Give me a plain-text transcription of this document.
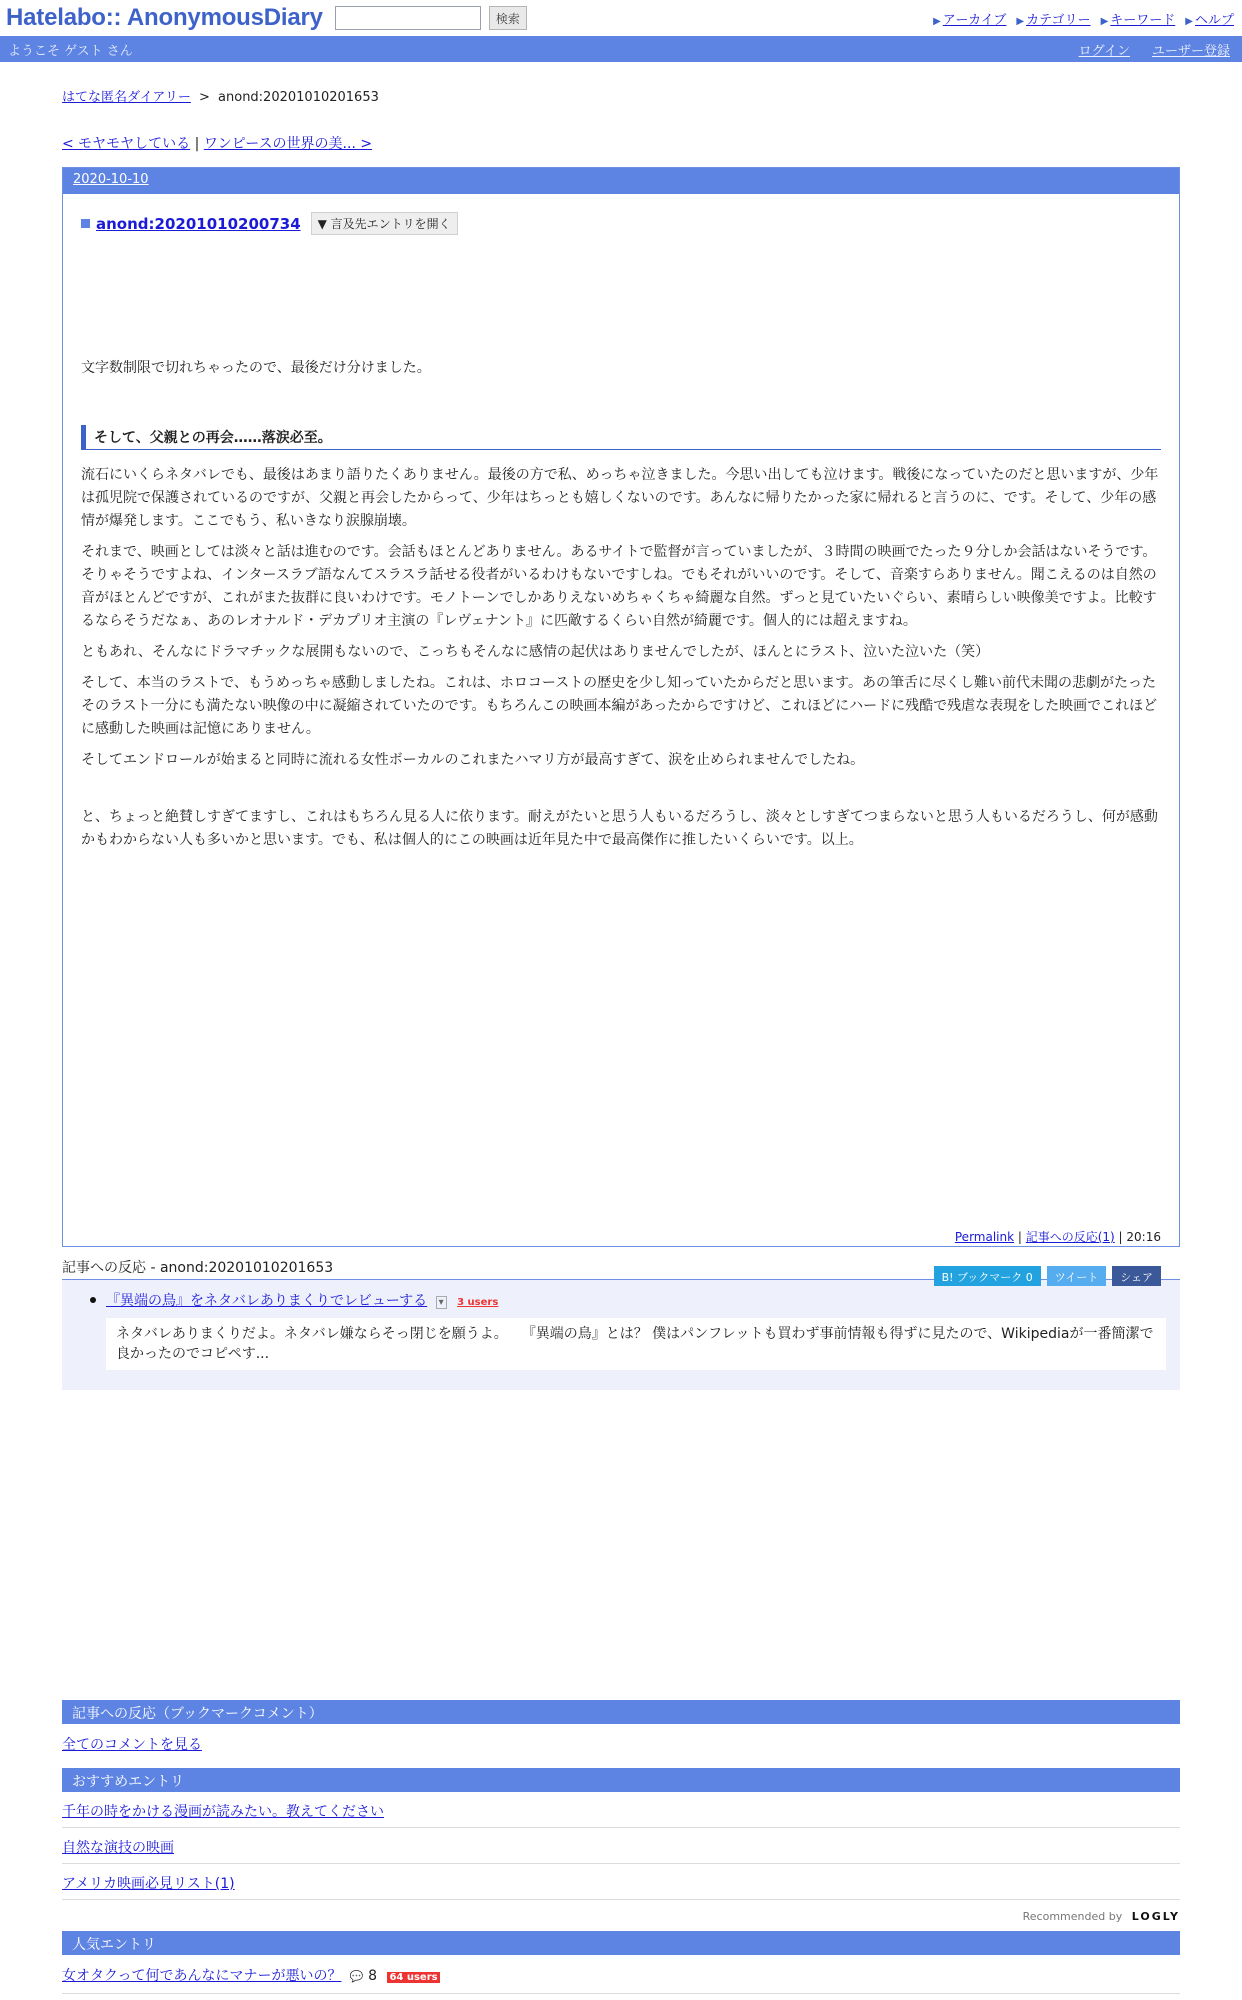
Hatelabo:: AnonymousDiary	検索	▶ アーカイブ ▶ カテゴリー ▶ キーワード ▶ ヘルプ
ようこそ ゲスト さん	ログイン ユーザー登録
はてな匿名ダイアリー > anond:20201010201653
< モヤモヤしている | ワンピースの世界の美... >
2020-10-10
anond:20201010200734	▼ 言及先エントリを開く
文字数制限で切れちゃったので、最後だけ分けました。
そして、父親との再会……落涙必至。
流石にいくらネタバレでも、最後はあまり語りたくありません。最後の方で私、めっちゃ泣きました。今思い出しても泣けます。戦後になっていたのだと思いますが、少年は孤児院で保護されているのですが、父親と再会したからって、少年はちっとも嬉しくないのです。あんなに帰りたかった家に帰れると言うのに、です。そして、少年の感情が爆発します。ここでもう、私いきなり涙腺崩壊。
それまで、映画としては淡々と話は進むのです。会話もほとんどありません。あるサイトで監督が言っていましたが、３時間の映画でたった９分しか会話はないそうです。そりゃそうですよね、インタースラブ語なんてスラスラ話せる役者がいるわけもないですしね。でもそれがいいのです。そして、音楽すらありません。聞こえるのは自然の音がほとんどですが、これがまた抜群に良いわけです。モノトーンでしかありえないめちゃくちゃ綺麗な自然。ずっと見ていたいぐらい、素晴らしい映像美ですよ。比較するならそうだなぁ、あのレオナルド・デカプリオ主演の『レヴェナント』に匹敵するくらい自然が綺麗です。個人的には超えますね。
ともあれ、そんなにドラマチックな展開もないので、こっちもそんなに感情の起伏はありませんでしたが、ほんとにラスト、泣いた泣いた（笑）
そして、本当のラストで、もうめっちゃ感動しましたね。これは、ホロコーストの歴史を少し知っていたからだと思います。あの筆舌に尽くし難い前代未聞の悲劇がたったそのラスト一分にも満たない映像の中に凝縮されていたのです。もちろんこの映画本編があったからですけど、これほどにハードに残酷で残虐な表現をした映画でこれほどに感動した映画は記憶にありません。
そしてエンドロールが始まると同時に流れる女性ボーカルのこれまたハマリ方が最高すぎて、涙を止められませんでしたね。
と、ちょっと絶賛しすぎてますし、これはもちろん見る人に依ります。耐えがたいと思う人もいるだろうし、淡々としすぎてつまらないと思う人もいるだろうし、何が感動かもわからない人も多いかと思います。でも、私は個人的にこの映画は近年見た中で最高傑作に推したいくらいです。以上。
Permalink | 記事への反応(1) | 20:16
B! ブックマーク 0	ツイート	シェア
記事への反応 - anond:20201010201653
『異端の鳥』をネタバレありまくりでレビューする ▾ 3 users
ネタバレありまくりだよ。ネタバレ嫌ならそっ閉じを願うよ。　　『異端の鳥』とは？ 僕はパンフレットも買わず事前情報も得ずに見たので、Wikipediaが一番簡潔で良かったのでコピペす...
記事への反応（ブックマークコメント）
全てのコメントを見る
おすすめエントリ
千年の時をかける漫画が読みたい。教えてください
自然な演技の映画
アメリカ映画必見リスト(1)
Recommended by LOGLY
人気エントリ
女オタクって何であんなにマナーが悪いの？ 💬 8 64 users
